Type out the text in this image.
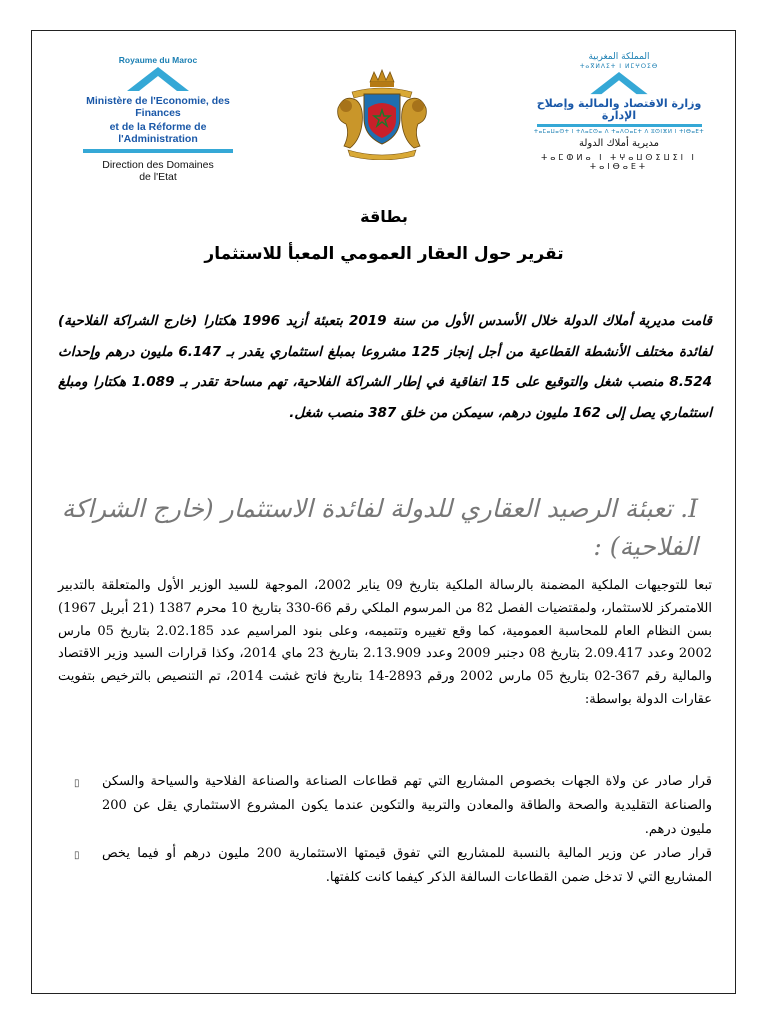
Royaume du Maroc
Ministère de l'Economie, des Finances
et de la Réforme de l'Administration
Direction des Domaines
de l'Etat
المملكة المغربية
ⵜⴰⴳⵍⴷⵉⵜ ⵏ ⵍⵎⵖⵔⵉⴱ
وزارة الاقتصاد والمالية وإصلاح الإدارة
ⵜⴰⵎⴰⵡⴰⵙⵜ ⵏ ⵜⴷⴰⵎⵙⴰ ⴷ ⵜⴰⴷⵔⴰⵎⵜ ⴷ ⵓⵙⵏⴼⵍ ⵏ ⵜⵏⴱⴰⴹⵜ
مديرية أملاك الدولة
ⵜⴰⵎⵀⵍⴰ ⵏ ⵜⵖⴰⵡⵙⵉⵡⵉⵏ ⵏ ⵜⴰⵏⴱⴰⴹⵜ
بطاقة
تقرير حول العقار العمومي المعبأ للاستثمار

قامت مديرية أملاك الدولة خلال الأسدس الأول من سنة 2019 بتعبئة أزيد 1996 هكتارا (خارج الشراكة الفلاحية) لفائدة مختلف الأنشطة القطاعية من أجل إنجاز 125 مشروعا بمبلغ استثماري يقدر بـ 6.147 مليون درهم وإحداث 8.524 منصب شغل والتوقيع على 15 اتفاقية في إطار الشراكة الفلاحية، تهم مساحة تقدر بـ 1.089 هكتارا ومبلغ استثماري يصل إلى 162 مليون درهم، سيمكن من خلق 387 منصب شغل.

I. تعبئة الرصيد العقاري للدولة لفائدة الاستثمار (خارج الشراكة الفلاحية) :
تبعا للتوجيهات الملكية المضمنة بالرسالة الملكية بتاريخ 09 يناير 2002، الموجهة للسيد الوزير الأول والمتعلقة بالتدبير اللامتمركز للاستثمار، ولمقتضيات الفصل 82 من المرسوم الملكي رقم 66-330 بتاريخ 10 محرم 1387 (21 أبريل 1967) بسن النظام العام للمحاسبة العمومية، كما وقع تغييره وتتميمه، وعلى بنود المراسيم عدد 2.02.185 بتاريخ 05 مارس 2002 وعدد 2.09.417 بتاريخ 08 دجنبر 2009 وعدد 2.13.909 بتاريخ 23 ماي 2014، وكذا قرارات السيد وزير الاقتصاد والمالية رقم 367-02 بتاريخ 05 مارس 2002 ورقم 2893-14 بتاريخ فاتح غشت 2014، تم التنصيص بالترخيص بتفويت عقارات الدولة بواسطة:
▯ قرار صادر عن ولاة الجهات بخصوص المشاريع التي تهم قطاعات الصناعة والصناعة الفلاحية والسياحة والسكن والصناعة التقليدية والصحة والطاقة والمعادن والتربية والتكوين عندما يكون المشروع الاستثماري يقل عن 200 مليون درهم.
▯ قرار صادر عن وزير المالية بالنسبة للمشاريع التي تفوق قيمتها الاستثمارية 200 مليون درهم أو فيما يخص المشاريع التي لا تدخل ضمن القطاعات السالفة الذكر كيفما كانت كلفتها.
